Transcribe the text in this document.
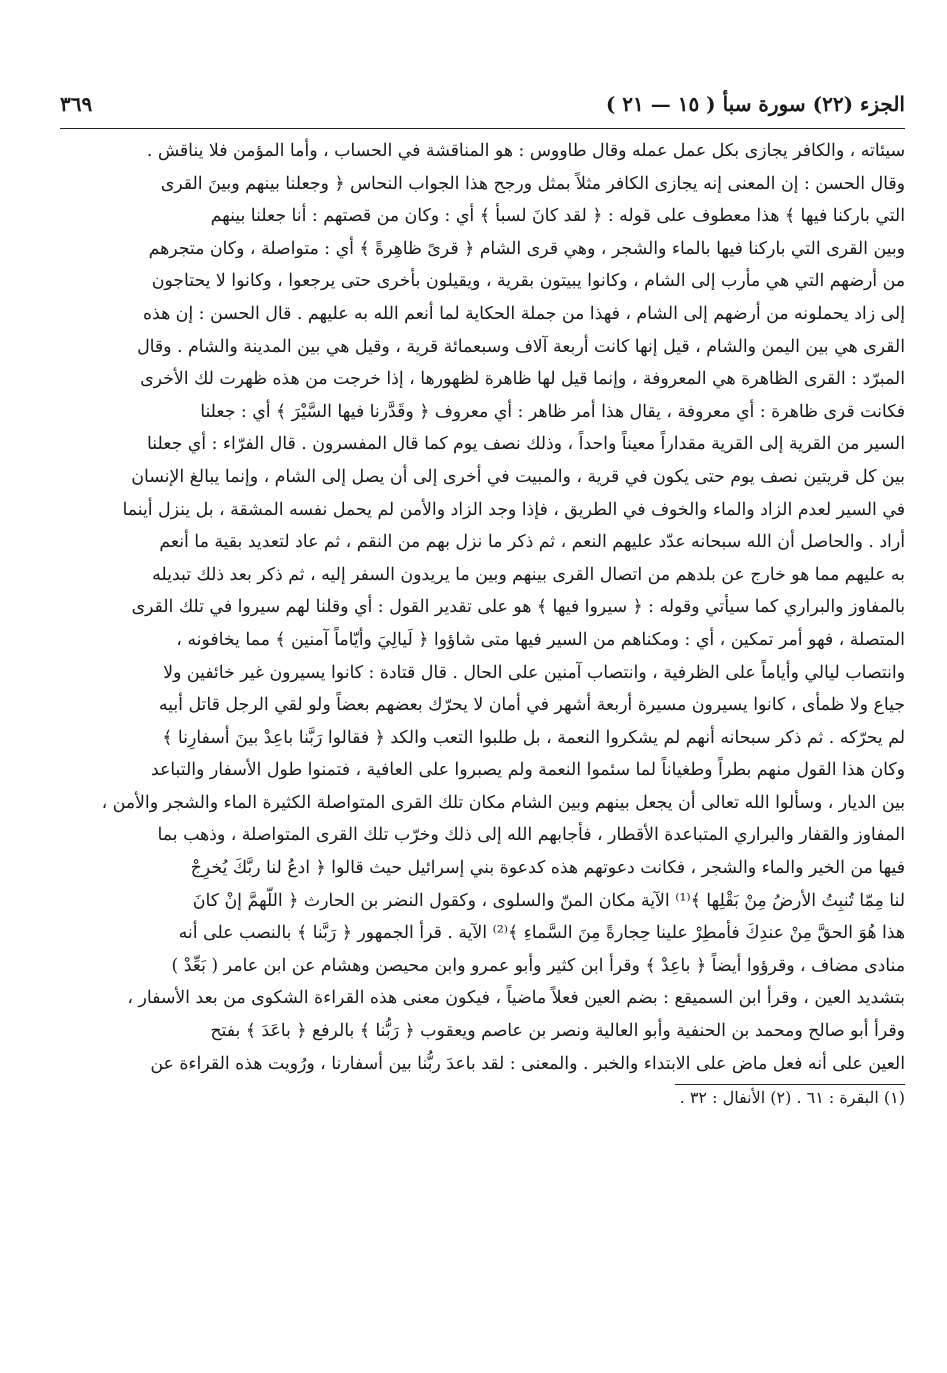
الجزء (٢٢) سورة سبأ ( ١٥ — ٢١ )
٣٦٩
سيئاته ، والكافر يجازى بكل عمل عمله وقال طاووس : هو المناقشة في الحساب ، وأما المؤمن فلا يناقش .
وقال الحسن : إن المعنى إنه يجازى الكافر مثلاً بمثل ورجح هذا الجواب النحاس ﴿ وجعلنا بينهم وبينَ القرى
التي باركنا فيها ﴾ هذا معطوف على قوله : ﴿ لقد كانَ لسبأ ﴾ أي : وكان من قصتهم : أنا جعلنا بينهم
وبين القرى التي باركنا فيها بالماء والشجر ، وهي قرى الشام ﴿ قرىً ظاهِرةً ﴾ أي : متواصلة ، وكان متجرهم
من أرضهم التي هي مأرب إلى الشام ، وكانوا يبيتون بقرية ، ويقيلون بأخرى حتى يرجعوا ، وكانوا لا يحتاجون
إلى زاد يحملونه من أرضهم إلى الشام ، فهذا من جملة الحكاية لما أنعم الله به عليهم . قال الحسن : إن هذه
القرى هي بين اليمن والشام ، قيل إنها كانت أربعة آلاف وسبعمائة قرية ، وقيل هي بين المدينة والشام . وقال
المبرّد : القرى الظاهرة هي المعروفة ، وإنما قيل لها ظاهرة لظهورها ، إذا خرجت من هذه ظهرت لك الأخرى
فكانت قرى ظاهرة : أي معروفة ، يقال هذا أمر ظاهر : أي معروف ﴿ وقَدَّرنا فيها السَّيْرَ ﴾ أي : جعلنا
السير من القرية إلى القرية مقداراً معيناً واحداً ، وذلك نصف يوم كما قال المفسرون . قال الفرّاء : أي جعلنا
بين كل قريتين نصف يوم حتى يكون في قرية ، والمبيت في أخرى إلى أن يصل إلى الشام ، وإنما يبالغ الإنسان
في السير لعدم الزاد والماء والخوف في الطريق ، فإذا وجد الزاد والأمن لم يحمل نفسه المشقة ، بل ينزل أينما
أراد . والحاصل أن الله سبحانه عدّد عليهم النعم ، ثم ذكر ما نزل بهم من النقم ، ثم عاد لتعديد بقية ما أنعم
به عليهم مما هو خارج عن بلدهم من اتصال القرى بينهم وبين ما يريدون السفر إليه ، ثم ذكر بعد ذلك تبديله
بالمفاوز والبراري كما سيأتي وقوله : ﴿ سيروا فيها ﴾ هو على تقدير القول : أي وقلنا لهم سيروا في تلك القرى
المتصلة ، فهو أمر تمكين ، أي : ومكناهم من السير فيها متى شاؤوا ﴿ لَيالِيَ وأيّاماً آمنين ﴾ مما يخافونه ،
وانتصاب ليالي وأياماً على الظرفية ، وانتصاب آمنين على الحال . قال قتادة : كانوا يسيرون غير خائفين ولا
جياع ولا ظمأى ، كانوا يسيرون مسيرة أربعة أشهر في أمان لا يحرّك بعضهم بعضاً ولو لقي الرجل قاتل أبيه
لم يحرّكه . ثم ذكر سبحانه أنهم لم يشكروا النعمة ، بل طلبوا التعب والكد ﴿ فقالوا رَبَّنا باعِدْ بينَ أسفارِنا ﴾
وكان هذا القول منهم بطراً وطغياناً لما سئموا النعمة ولم يصبروا على العافية ، فتمنوا طول الأسفار والتباعد
بين الديار ، وسألوا الله تعالى أن يجعل بينهم وبين الشام مكان تلك القرى المتواصلة الكثيرة الماء والشجر والأمن ،
المفاوز والقفار والبراري المتباعدة الأقطار ، فأجابهم الله إلى ذلك وخرّب تلك القرى المتواصلة ، وذهب بما
فيها من الخير والماء والشجر ، فكانت دعوتهم هذه كدعوة بني إسرائيل حيث قالوا ﴿ ادعُ لنا ربَّكَ يُخرِجْ
لنا مِمّا تُنبِتُ الأرضُ مِنْ بَقْلِها ﴾⁽¹⁾ الآية مكان المنّ والسلوى ، وكقول النضر بن الحارث ﴿ اللّهمَّ إنْ كانَ
هذا هُوَ الحقَّ مِنْ عندِكَ فأمطِرْ علينا حِجارةً مِنَ السَّماءِ ﴾⁽²⁾ الآية . قرأ الجمهور ﴿ رَبَّنا ﴾ بالنصب على أنه
منادى مضاف ، وقرؤوا أيضاً ﴿ باعِدْ ﴾ وقرأ ابن كثير وأبو عمرو وابن محيصن وهشام عن ابن عامر ( بَعِّدْ )
بتشديد العين ، وقرأ ابن السميقع : بضم العين فعلاً ماضياً ، فيكون معنى هذه القراءة الشكوى من بعد الأسفار ،
وقرأ أبو صالح ومحمد بن الحنفية وأبو العالية ونصر بن عاصم ويعقوب ﴿ رَبُّنا ﴾ بالرفع ﴿ باعَدَ ﴾ بفتح
العين على أنه فعل ماض على الابتداء والخبر . والمعنى : لقد باعدَ ربُّنا بين أسفارنا ، ورُويت هذه القراءة عن
(١) البقرة : ٦١ . (٢) الأنفال : ٣٢ .
